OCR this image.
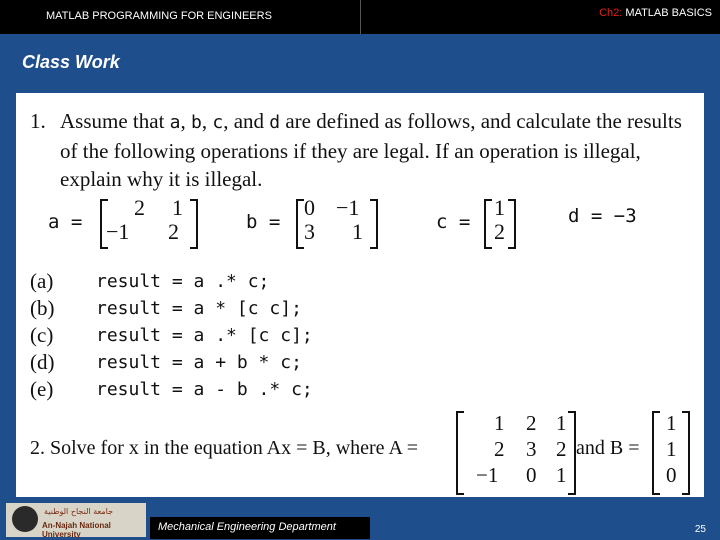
MATLAB PROGRAMMING FOR ENGINEERS	Ch2: MATLAB BASICS
Class Work
1. Assume that a, b, c, and d are defined as follows, and calculate the results of the following operations if they are legal. If an operation is illegal, explain why it is illegal.
a =
2 1
−1 2	b =
0 −1
3 1	c =
1
2
d = −3
(a) result = a .* c;
(b) result = a * [c c];
(c) result = a .* [c c];
(d) result = a + b * c;
(e) result = a - b .* c;
2. Solve for x in the equation Ax = B, where A =
1 2 1
2 3 2
−1 0 1
and B =
1
1
0
جامعة النجاح الوطنية
An-Najah National University
Mechanical Engineering Department	25
